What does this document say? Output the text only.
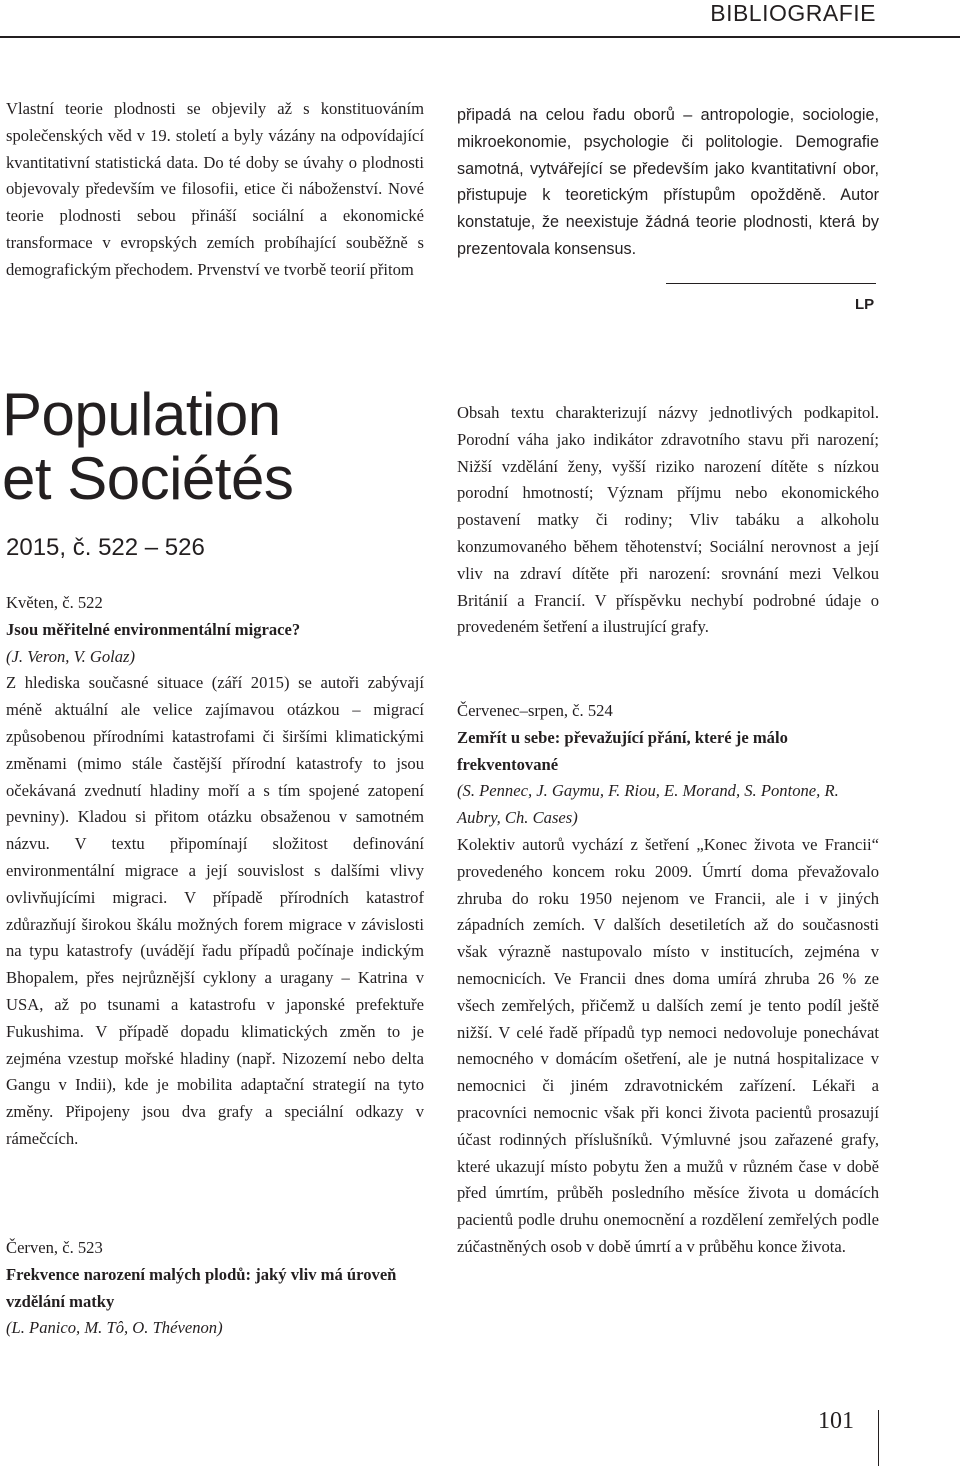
BIBLIOGRAFIE

Vlastní teorie plodnosti se objevily až s konstituováním společenských věd v 19. století a byly vázány na odpovídající kvantitativní statistická data. Do té doby se úvahy o plodnosti objevovaly především ve filosofii, etice či náboženství. Nové teorie plodnosti sebou přináší sociální a ekonomické transformace v evropských zemích probíhající souběžně s demografickým přechodem. Prvenství ve tvorbě teorií přitom

připadá na celou řadu oborů – antropologie, sociologie, mikroekonomie, psychologie či politologie. Demografie samotná, vytvářející se především jako kvantitativní obor, přistupuje k teoretickým přístupům opožděně. Autor konstatuje, že neexistuje žádná teorie plodnosti, která by prezentovala konsensus.

LP
Population
et Sociétés
2015, č. 522 – 526
Květen, č. 522
Jsou měřitelné environmentální migrace?
(J. Veron, V. Golaz)

Z hlediska současné situace (září 2015) se autoři zabývají méně aktuální ale velice zajímavou otázkou – migrací způsobenou přírodními katastrofami či širšími klimatickými změnami (mimo stále častější přírodní katastrofy to jsou očekávaná zvednutí hladiny moří a s tím spojené zatopení pevniny). Kladou si přitom otázku obsaženou v samotném názvu. V textu připomínají složitost definování environmentální migrace a její souvislost s dalšími vlivy ovlivňujícími migraci. V případě přírodních katastrof zdůrazňují širokou škálu možných forem migrace v závislosti na typu katastrofy (uvádějí řadu případů počínaje indickým Bhopalem, přes nejrůznější cyklony a uragany – Katrina v USA, až po tsunami a katastrofu v japonské prefektuře Fukushima. V případě dopadu klimatických změn to je zejména vzestup mořské hladiny (např. Nizozemí nebo delta Gangu v Indii), kde je mobilita adaptační strategií na tyto změny. Připojeny jsou dva grafy a speciální odkazy v rámečcích.

Červen, č. 523
Frekvence narození malých plodů: jaký vliv má úroveň vzdělání matky
(L. Panico, M. Tô, O. Thévenon)

Obsah textu charakterizují názvy jednotlivých podkapitol. Porodní váha jako indikátor zdravotního stavu při narození; Nižší vzdělání ženy, vyšší riziko narození dítěte s nízkou porodní hmotností; Význam příjmu nebo ekonomického postavení matky či rodiny; Vliv tabáku a alkoholu konzumovaného během těhotenství; Sociální nerovnost a její vliv na zdraví dítěte při narození: srovnání mezi Velkou Británií a Francií. V příspěvku nechybí podrobné údaje o provedeném šetření a ilustrující grafy.

Červenec–srpen, č. 524
Zemřít u sebe: převažující přání, které je málo frekventované
(S. Pennec, J. Gaymu, F. Riou, E. Morand, S. Pontone, R. Aubry, Ch. Cases)

Kolektiv autorů vychází z šetření „Konec života ve Francii“ provedeného koncem roku 2009. Úmrtí doma převažovalo zhruba do roku 1950 nejenom ve Francii, ale i v jiných západních zemích. V dalších desetiletích až do současnosti však výrazně nastupovalo místo v institucích, zejména v nemocnicích. Ve Francii dnes doma umírá zhruba 26 % ze všech zemřelých, přičemž u dalších zemí je tento podíl ještě nižší. V celé řadě případů typ nemoci nedovoluje ponechávat nemocného v domácím ošetření, ale je nutná hospitalizace v nemocnici či jiném zdravotnickém zařízení. Lékaři a pracovníci nemocnic však při konci života pacientů prosazují účast rodinných příslušníků. Výmluvné jsou zařazené grafy, které ukazují místo pobytu žen a mužů v různém čase v době před úmrtím, průběh posledního měsíce života u domácích pacientů podle druhu onemocnění a rozdělení zemřelých podle zúčastněných osob v době úmrtí a v průběhu konce života.

101
